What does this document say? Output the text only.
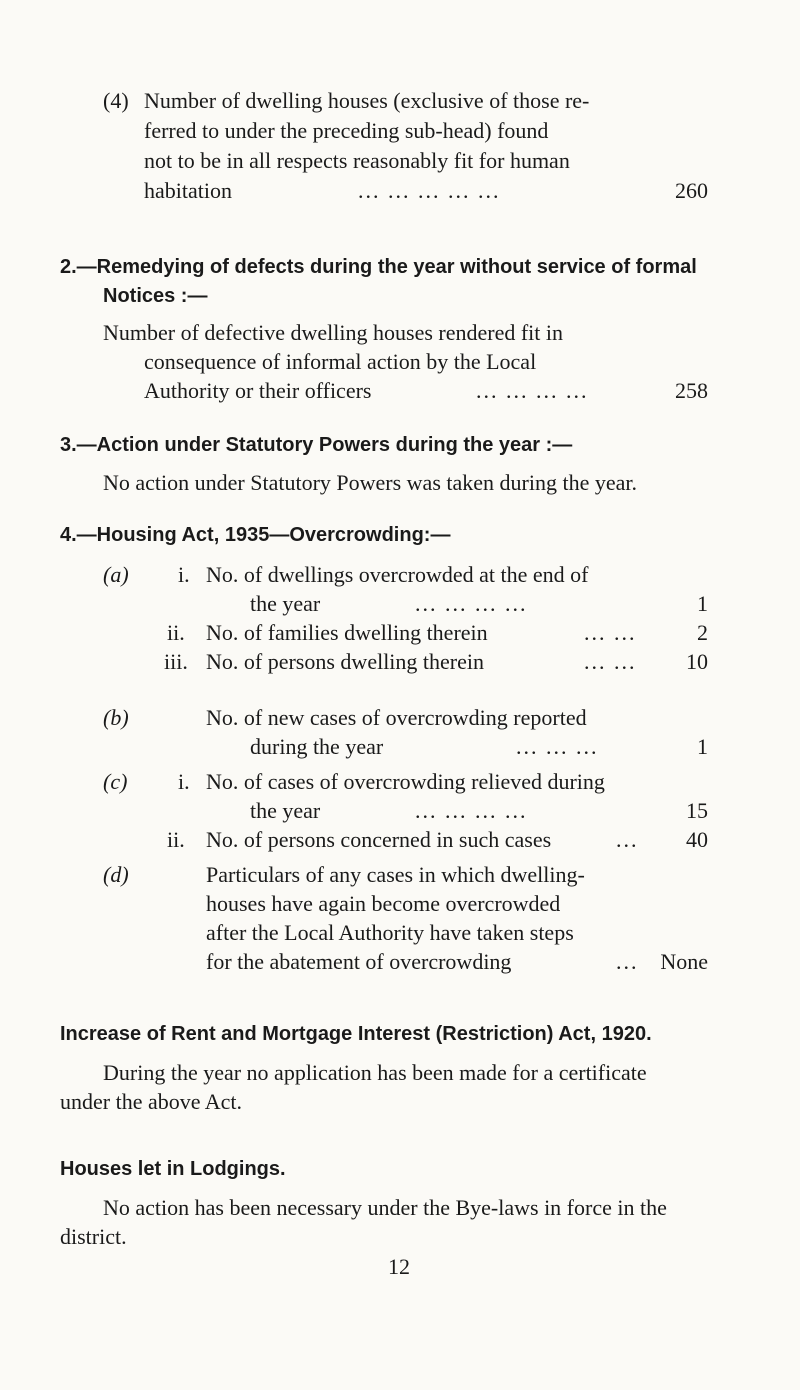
(4) Number of dwelling houses (exclusive of those re-
ferred to under the preceding sub-head) found
not to be in all respects reasonably fit for human
habitation	... ... ... ... ...	260
2.—Remedying of defects during the year without service of formal
Notices :—
Number of defective dwelling houses rendered fit in
consequence of informal action by the Local
Authority or their officers	... ... ... ...	258
3.—Action under Statutory Powers during the year :—
No action under Statutory Powers was taken during the year.
4.—Housing Act, 1935—Overcrowding:—
(a) i. No. of dwellings overcrowded at the end of
the year	... ... ... ...	1
ii. No. of families dwelling therein	... ...	2
iii. No. of persons dwelling therein	... ... 10
(b)	No. of new cases of overcrowding reported
during the year	... ... ...	1
(c) i. No. of cases of overcrowding relieved during
the year	... ... ... ...	15
ii. No. of persons concerned in such cases	... 40
(d)	Particulars of any cases in which dwelling-
houses have again become overcrowded
after the Local Authority have taken steps
for the abatement of overcrowding	... None
Increase of Rent and Mortgage Interest (Restriction) Act, 1920.
During the year no application has been made for a certificate
under the above Act.
Houses let in Lodgings.
No action has been necessary under the Bye-laws in force in the
district.
12
